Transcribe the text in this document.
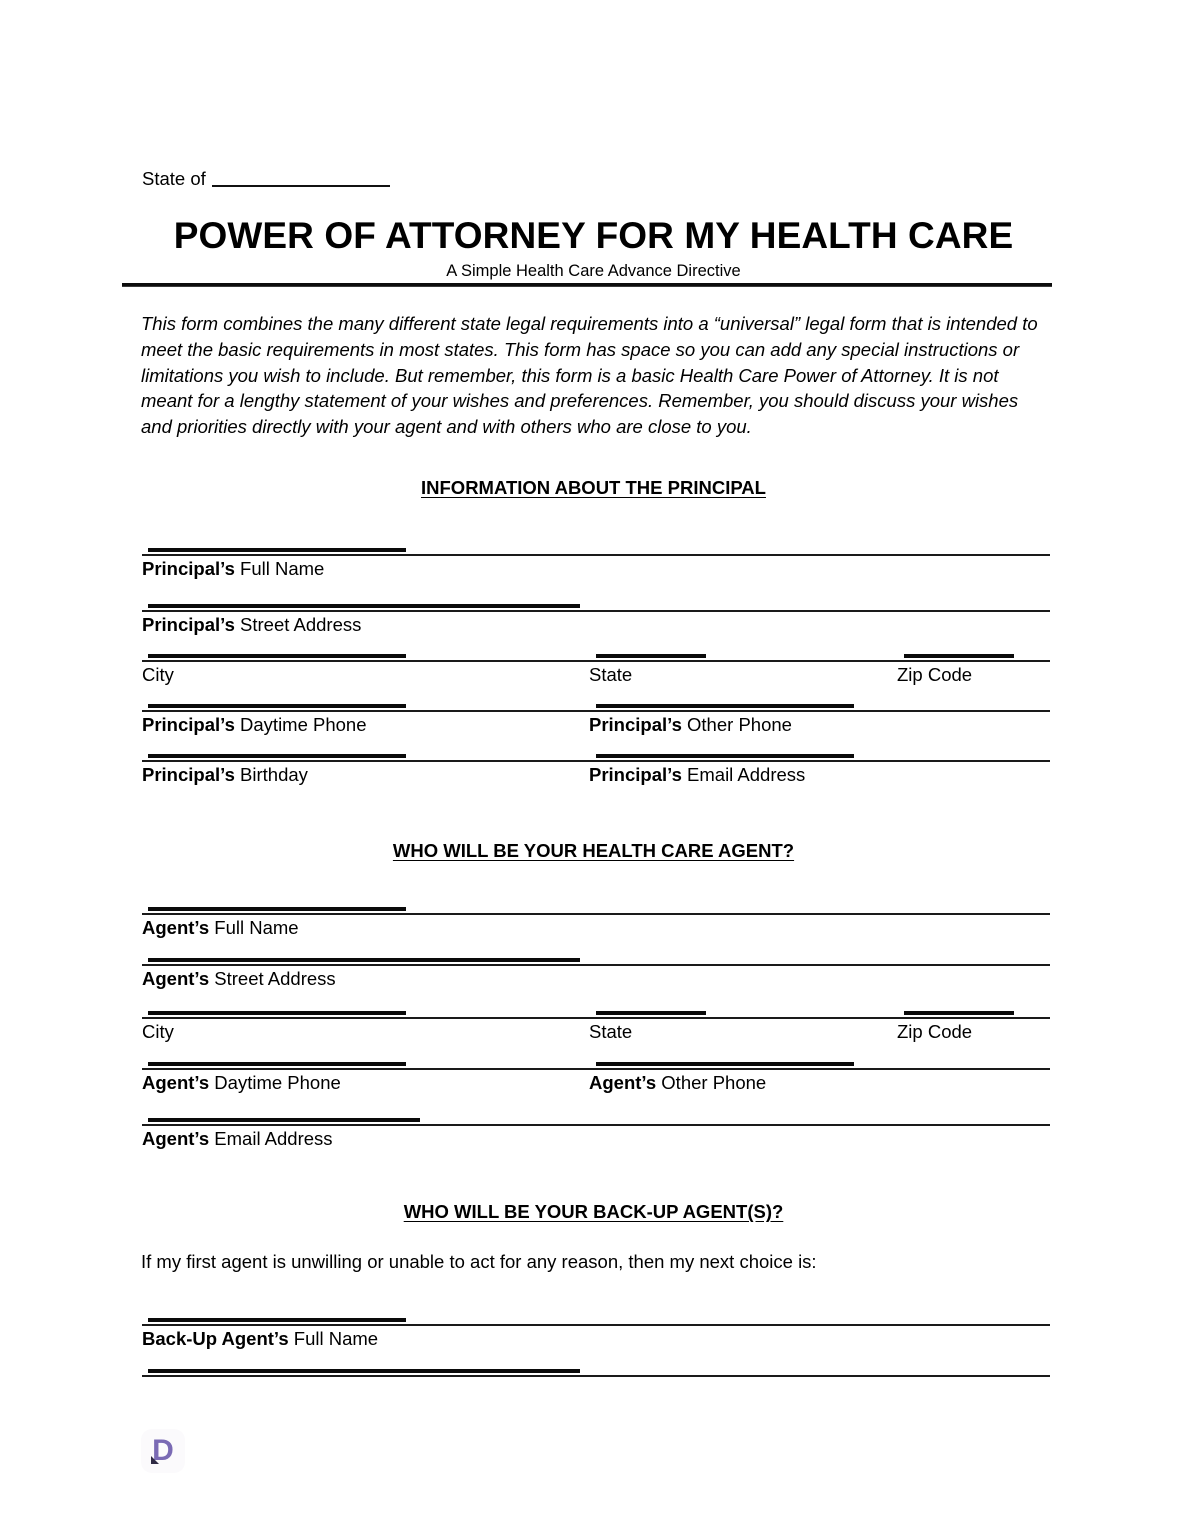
State of
POWER OF ATTORNEY FOR MY HEALTH CARE
A Simple Health Care Advance Directive
This form combines the many different state legal requirements into a “universal” legal form that is intended to meet the basic requirements in most states. This form has space so you can add any special instructions or limitations you wish to include. But remember, this form is a basic Health Care Power of Attorney. It is not meant for a lengthy statement of your wishes and preferences. Remember, you should discuss your wishes and priorities directly with your agent and with others who are close to you.
INFORMATION ABOUT THE PRINCIPAL
Principal’s Full Name
Principal’s Street Address
City	State	Zip Code
Principal’s Daytime Phone	Principal’s Other Phone
Principal’s Birthday	Principal’s Email Address
WHO WILL BE YOUR HEALTH CARE AGENT?
Agent’s Full Name
Agent’s Street Address
City	State	Zip Code
Agent’s Daytime Phone	Agent’s Other Phone
Agent’s Email Address
WHO WILL BE YOUR BACK-UP AGENT(S)?
If my first agent is unwilling or unable to act for any reason, then my next choice is:
Back-Up Agent’s Full Name
D
